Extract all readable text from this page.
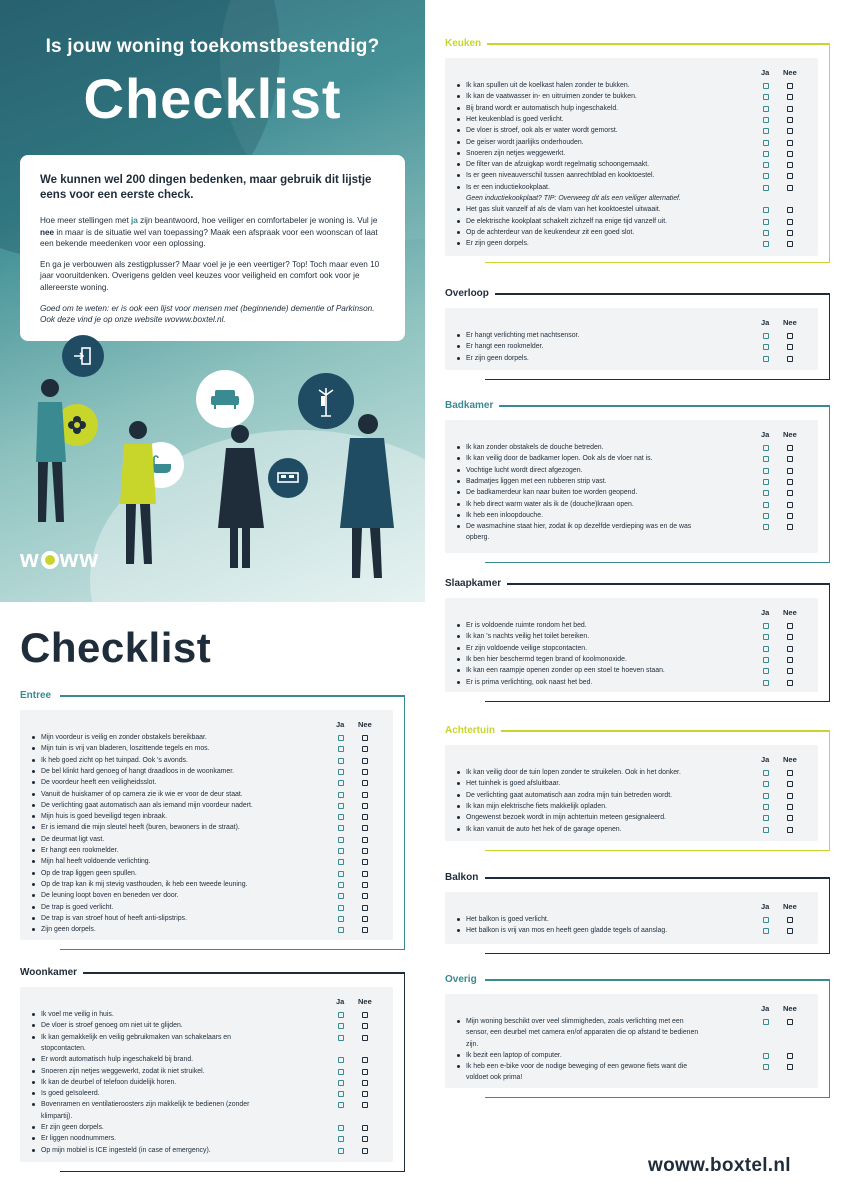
Is jouw woning toekomstbestendig?
Checklist
We kunnen wel 200 dingen bedenken, maar gebruik dit lijstje eens voor een eerste check.

Hoe meer stellingen met ja zijn beantwoord, hoe veiliger en comfortabeler je woning is. Vul je nee in maar is de situatie wel van toepassing? Maak een afspraak voor een woonscan of laat een bekende meedenken voor een oplossing.

En ga je verbouwen als zestigplusser? Maar voel je je een veertiger? Top! Toch maar even 10 jaar vooruitdenken. Overigens gelden veel keuzes voor veiligheid en comfort ook voor je allereerste woning.

Goed om te weten: er is ook een lijst voor mensen met (beginnende) dementie of Parkinson. Ook deze vind je op onze website wovww.boxtel.nl.

w ww
Checklist
woww.boxtel.nl
Entree
Ja Nee
Mijn voordeur is veilig en zonder obstakels bereikbaar.
Mijn tuin is vrij van bladeren, loszittende tegels en mos.
Ik heb goed zicht op het tuinpad. Ook 's avonds.
De bel klinkt hard genoeg of hangt draadloos in de woonkamer.
De voordeur heeft een veiligheidsslot.
Vanuit de huiskamer of op camera zie ik wie er voor de deur staat.
De verlichting gaat automatisch aan als iemand mijn voordeur nadert.
Mijn huis is goed beveiligd tegen inbraak.
Er is iemand die mijn sleutel heeft (buren, bewoners in de straat).
De deurmat ligt vast.
Er hangt een rookmelder.
Mijn hal heeft voldoende verlichting.
Op de trap liggen geen spullen.
Op de trap kan ik mij stevig vasthouden, ik heb een tweede leuning.
De leuning loopt boven en beneden ver door.
De trap is goed verlicht.
De trap is van stroef hout of heeft anti-slipstrips.
Zijn geen dorpels.
Woonkamer
Ja Nee
Ik voel me veilig in huis.
De vloer is stroef genoeg om niet uit te glijden.
Ik kan gemakkelijk en veilig gebruikmaken van schakelaars en
stopcontacten.
Er wordt automatisch hulp ingeschakeld bij brand.
Snoeren zijn netjes weggewerkt, zodat ik niet struikel.
Ik kan de deurbel of telefoon duidelijk horen.
Is goed geïsoleerd.
Bovenramen en ventilatieroosters zijn makkelijk te bedienen (zonder
klimpartij).
Er zijn geen dorpels.
Er liggen noodnummers.
Op mijn mobiel is ICE ingesteld (in case of emergency).
Keuken
Ja Nee
Ik kan spullen uit de koelkast halen zonder te bukken.
Ik kan de vaatwasser in- en uitruimen zonder te bukken.
Bij brand wordt er automatisch hulp ingeschakeld.
Het keukenblad is goed verlicht.
De vloer is stroef, ook als er water wordt gemorst.
De geiser wordt jaarlijks onderhouden.
Snoeren zijn netjes weggewerkt.
De filter van de afzuigkap wordt regelmatig schoongemaakt.
Is er geen niveauverschil tussen aanrechtblad en kooktoestel.
Is er een inductiekookplaat.
Geen inductiekookplaat? TIP: Overweeg dit als een veiliger alternatief.
Het gas sluit vanzelf af als de vlam van het kooktoestel uitwaait.
De elektrische kookplaat schakelt zichzelf na enige tijd vanzelf uit.
Op de achterdeur van de keukendeur zit een goed slot.
Er zijn geen dorpels.
Overloop
Ja Nee
Er hangt verlichting met nachtsensor.
Er hangt een rookmelder.
Er zijn geen dorpels.
Badkamer
Ja Nee
Ik kan zonder obstakels de douche betreden.
Ik kan veilig door de badkamer lopen. Ook als de vloer nat is.
Vochtige lucht wordt direct afgezogen.
Badmatjes liggen met een rubberen strip vast.
De badkamerdeur kan naar buiten toe worden geopend.
Ik heb direct warm water als ik de (douche)kraan open.
Ik heb een inloopdouche.
De wasmachine staat hier, zodat ik op dezelfde verdieping was en de was
opberg.
Slaapkamer
Ja Nee
Er is voldoende ruimte rondom het bed.
Ik kan 's nachts veilig het toilet bereiken.
Er zijn voldoende veilige stopcontacten.
Ik ben hier beschermd tegen brand of koolmonoxide.
Ik kan een raampje openen zonder op een stoel te hoeven staan.
Er is prima verlichting, ook naast het bed.
Achtertuin
Ja Nee
Ik kan veilig door de tuin lopen zonder te struikelen. Ook in het donker.
Het tuinhek is goed afsluitbaar.
De verlichting gaat automatisch aan zodra mijn tuin betreden wordt.
Ik kan mijn elektrische fiets makkelijk opladen.
Ongewenst bezoek wordt in mijn achtertuin meteen gesignaleerd.
Ik kan vanuit de auto het hek of de garage openen.
Balkon
Ja Nee
Het balkon is goed verlicht.
Het balkon is vrij van mos en heeft geen gladde tegels of aanslag.
Overig
Ja Nee
Mijn woning beschikt over veel slimmigheden, zoals verlichting met een
sensor, een deurbel met camera en/of apparaten die op afstand te bedienen
zijn.
Ik bezit een laptop of computer.
Ik heb een e-bike voor de nodige beweging of een gewone fiets want die
voldoet ook prima!
